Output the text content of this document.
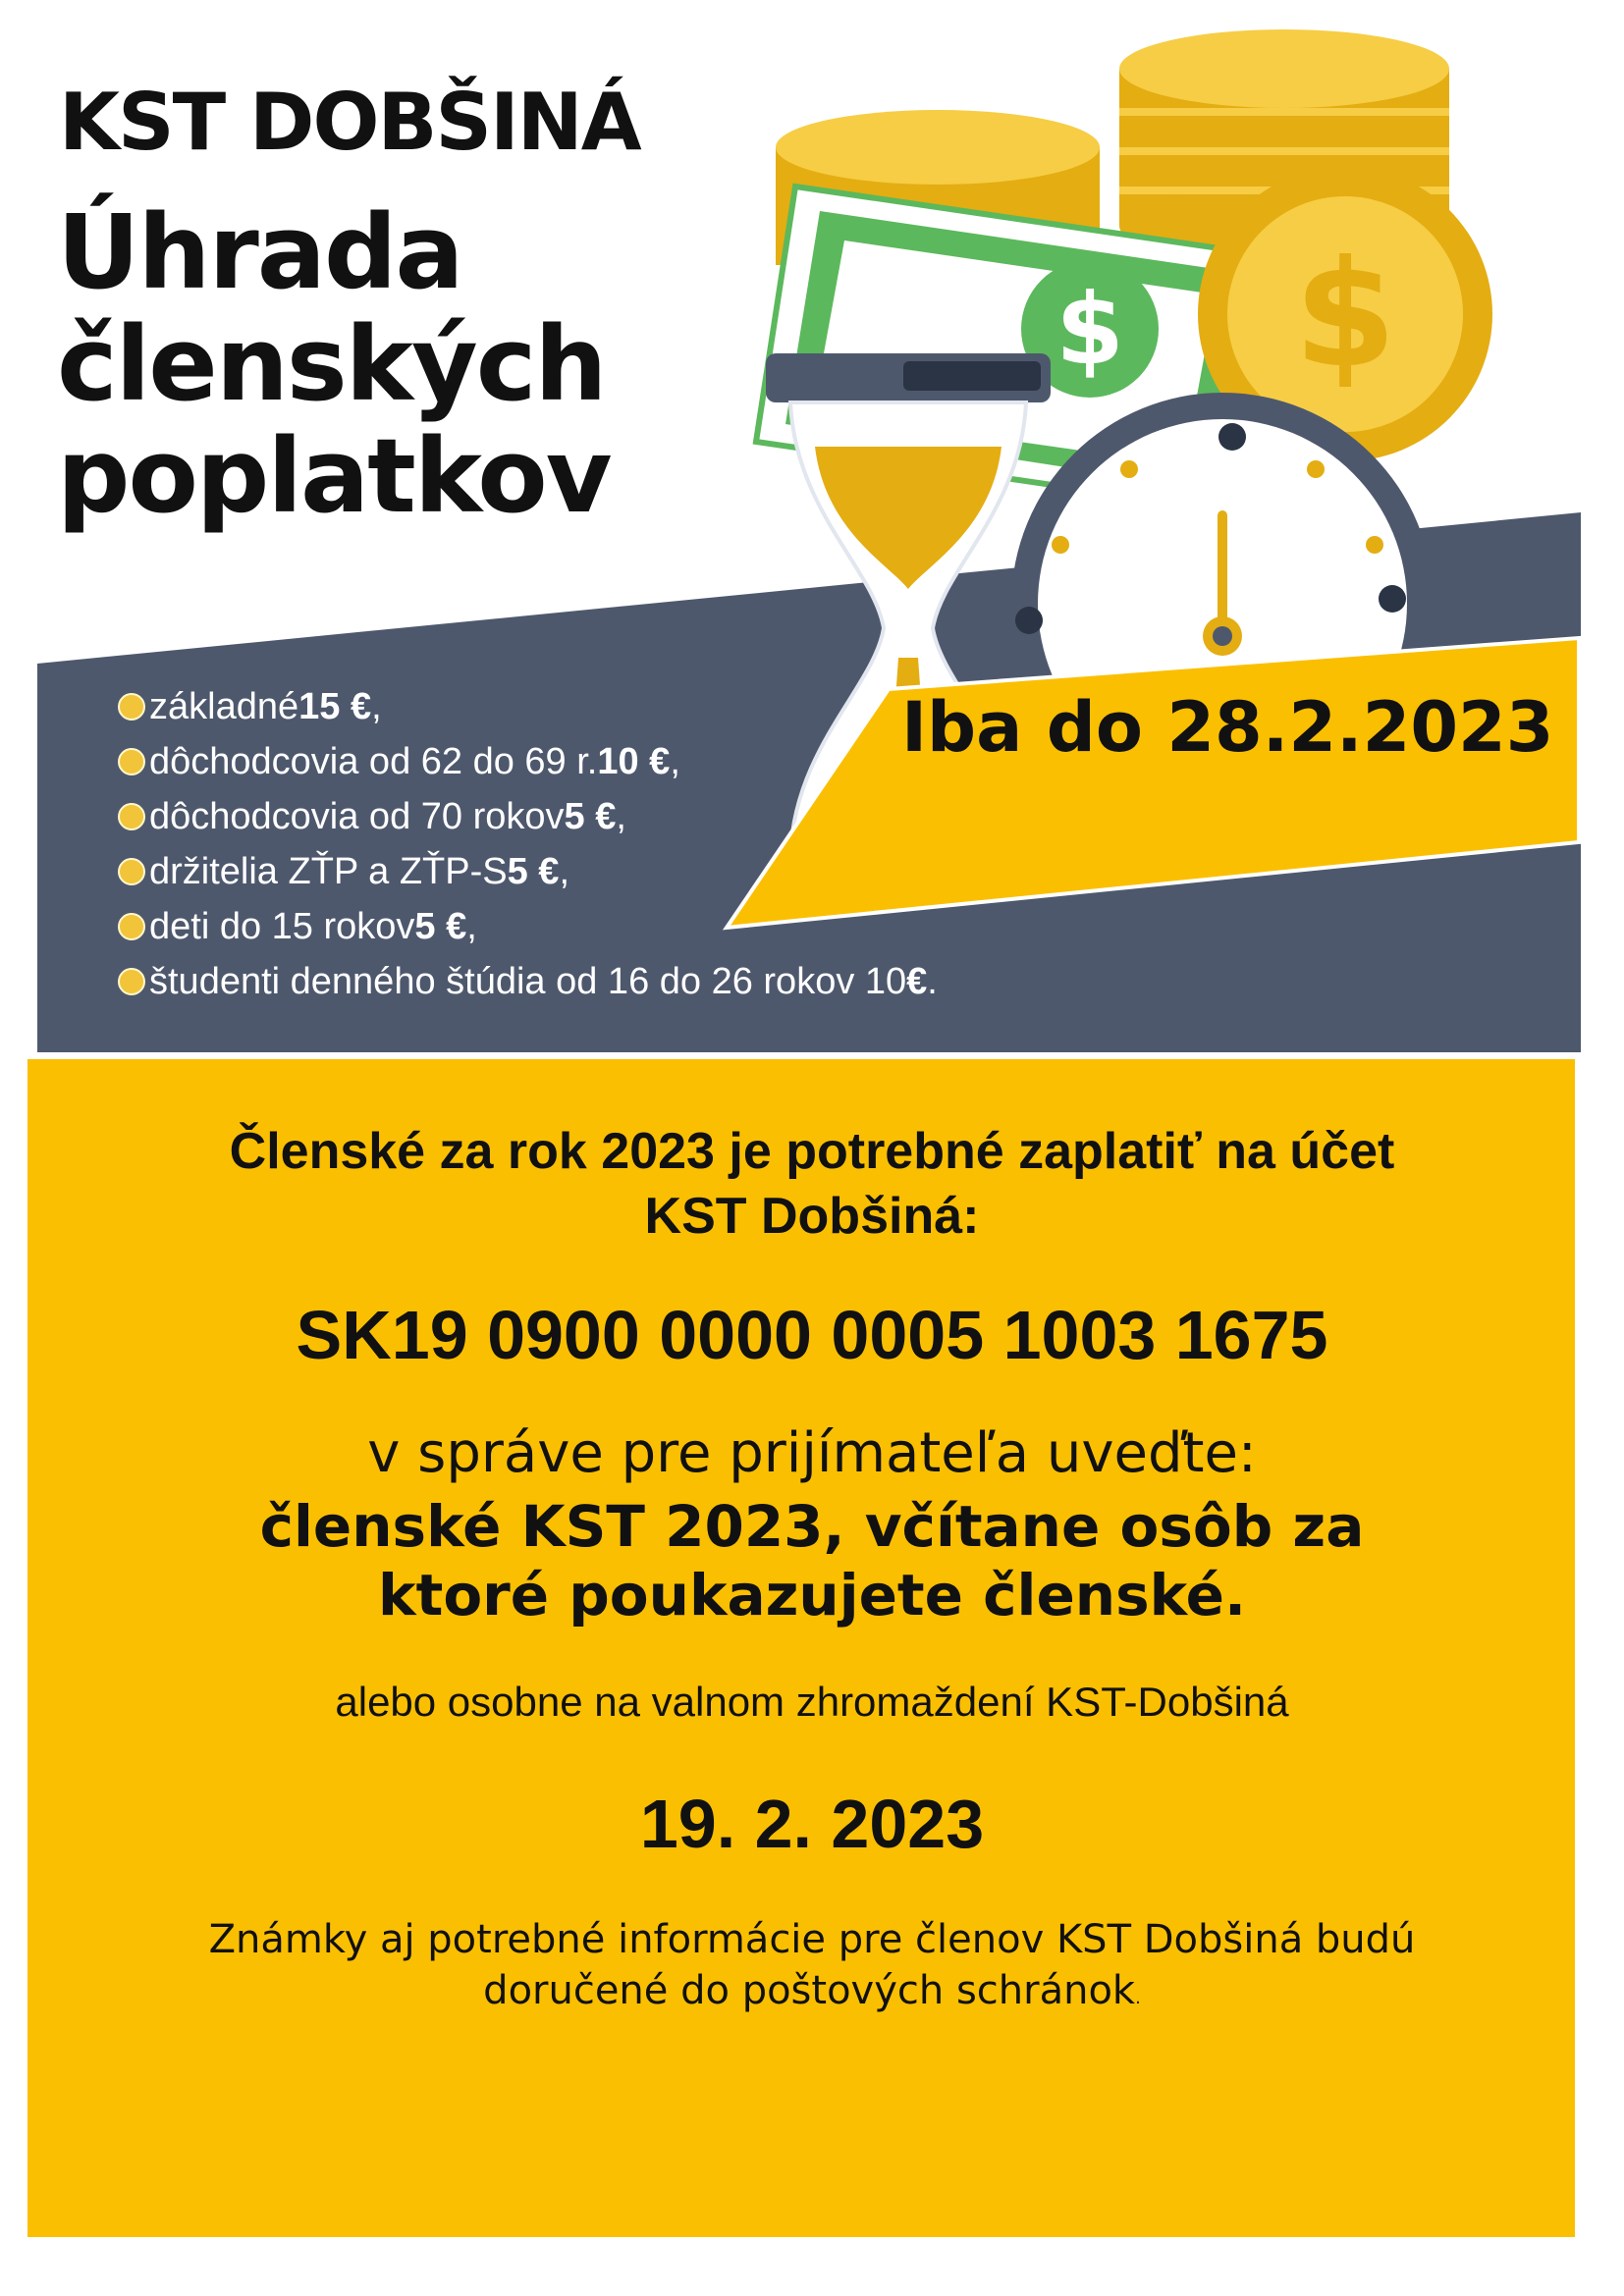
$ $
KST DOBŠINÁ
Úhrada
členských
poplatkov
základné 15 € ,
dôchodcovia od 62 do 69 r. 10 € ,
dôchodcovia od 70 rokov 5 € ,
držitelia ZŤP a ZŤP-S 5 € ,
deti do 15 rokov 5 € ,
študenti denného štúdia od 16 do 26 rokov 10 € .
Iba do 28.2.2023

Členské za rok 2023 je potrebné zaplatiť na účet
KST Dobšiná:

SK19 0900 0000 0005 1003 1675

v správe pre prijímateľa uveďte:

členské KST 2023, včítane osôb za
ktoré poukazujete členské.

alebo osobne na valnom zhromaždení KST-Dobšiná

19. 2. 2023

Známky aj potrebné informácie pre členov KST Dobšiná budú
doručené do poštových schránok.
